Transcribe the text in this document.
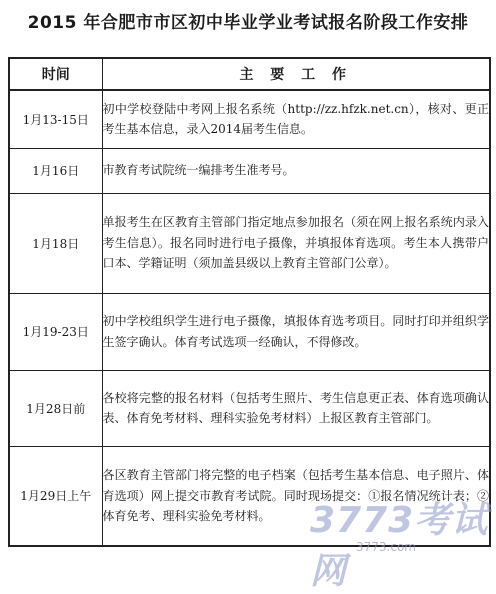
2015 年合肥市市区初中毕业学业考试报名阶段工作安排
时间	主 要 工 作
1月13-15日	初中学校登陆中考网上报名系统（http://zz.hfzk.net.cn），核对、更正考生基本信息，录入2014届考生信息。
1月16日	市教育考试院统一编排考生准考号。
1月18日	单报考生在区教育主管部门指定地点参加报名（须在网上报名系统内录入考生信息）。报名同时进行电子摄像，并填报体育选项。考生本人携带户口本、学籍证明（须加盖县级以上教育主管部门公章）。
1月19-23日	初中学校组织学生进行电子摄像，填报体育选考项目。同时打印并组织学生签字确认。体育考试选项一经确认，不得修改。
1月28日前	各校将完整的报名材料（包括考生照片、考生信息更正表、体育选项确认表、体育免考材料、理科实验免考材料）上报区教育主管部门。
1月29日上午	各区教育主管部门将完整的电子档案（包括考生基本信息、电子照片、体育选项）网上提交市教育考试院。同时现场提交：①报名情况统计表；②体育免考、理科实验免考材料。 3773考试网
3773.com
